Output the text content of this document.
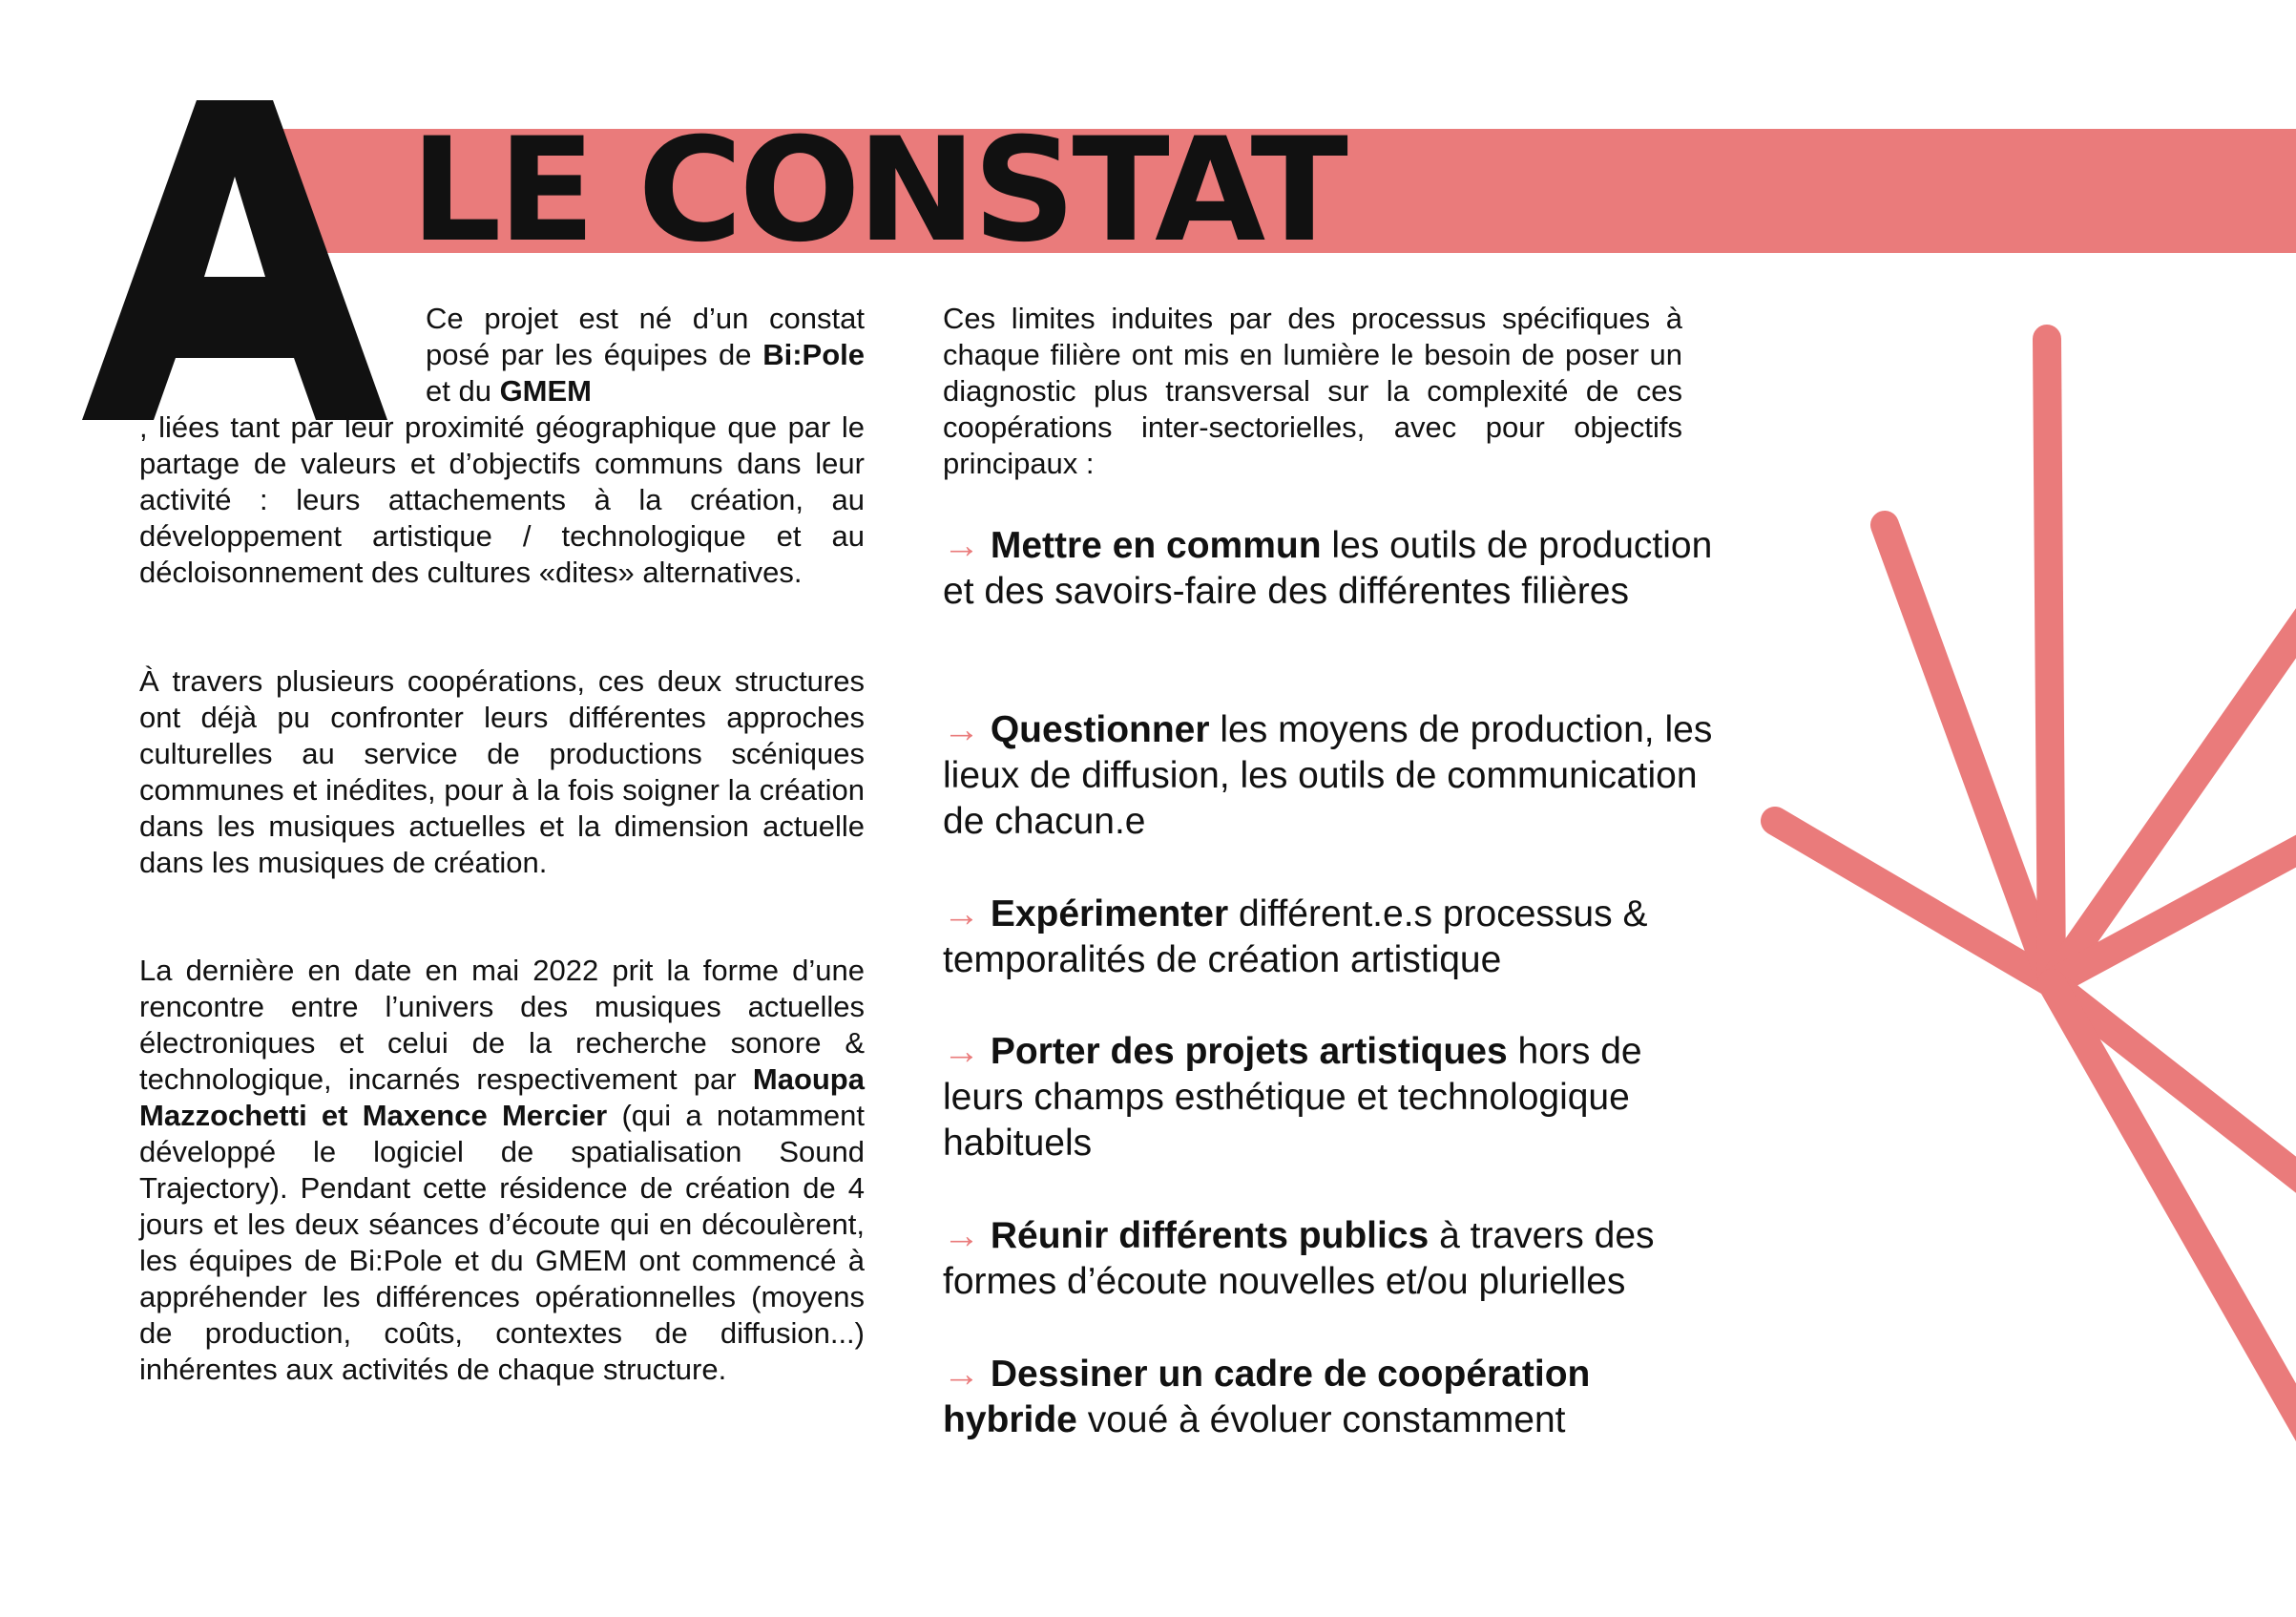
LE CONSTAT

Ce projet est né d’un constat posé par les équipes de Bi:Pole et du GMEM
, liées tant par leur proximité géographique que par le partage de valeurs et d’objectifs communs dans leur activité : leurs attachements à la création, au développement artistique / technologique et au décloisonnement des cultures «dites» alternatives.

À travers plusieurs coopérations, ces deux structures ont déjà pu confronter leurs différentes approches culturelles au service de productions scéniques communes et inédites, pour à la fois soigner la création dans les musiques actuelles et la dimension actuelle dans les musiques de création.

La dernière en date en mai 2022 prit la forme d’une rencontre entre l’univers des musiques actuelles électroniques et celui de la recherche sonore & technologique, incarnés respectivement par Maoupa Mazzochetti et Maxence Mercier (qui a notamment développé le logiciel de spatialisation Sound Trajectory). Pendant cette résidence de création de 4 jours et les deux séances d’écoute qui en découlèrent, les équipes de Bi:Pole et du GMEM ont commencé à appréhender les différences opérationnelles (moyens de production, coûts, contextes de diffusion...) inhérentes aux activités de chaque structure.

Ces limites induites par des processus spécifiques à chaque filière ont mis en lumière le besoin de poser un diagnostic plus transversal sur la complexité de ces coopérations inter-sectorielles, avec pour objectifs principaux :

→ Mettre en commun les outils de production et des savoirs-faire des différentes filières
→ Questionner les moyens de production, les lieux de diffusion, les outils de communication de chacun.e
→ Expérimenter différent.e.s processus & temporalités de création artistique
→ Porter des projets artistiques hors de leurs champs esthétique et technologique habituels
→ Réunir différents publics à travers des formes d’écoute nouvelles et/ou plurielles
→ Dessiner un cadre de coopération hybride voué à évoluer constamment
